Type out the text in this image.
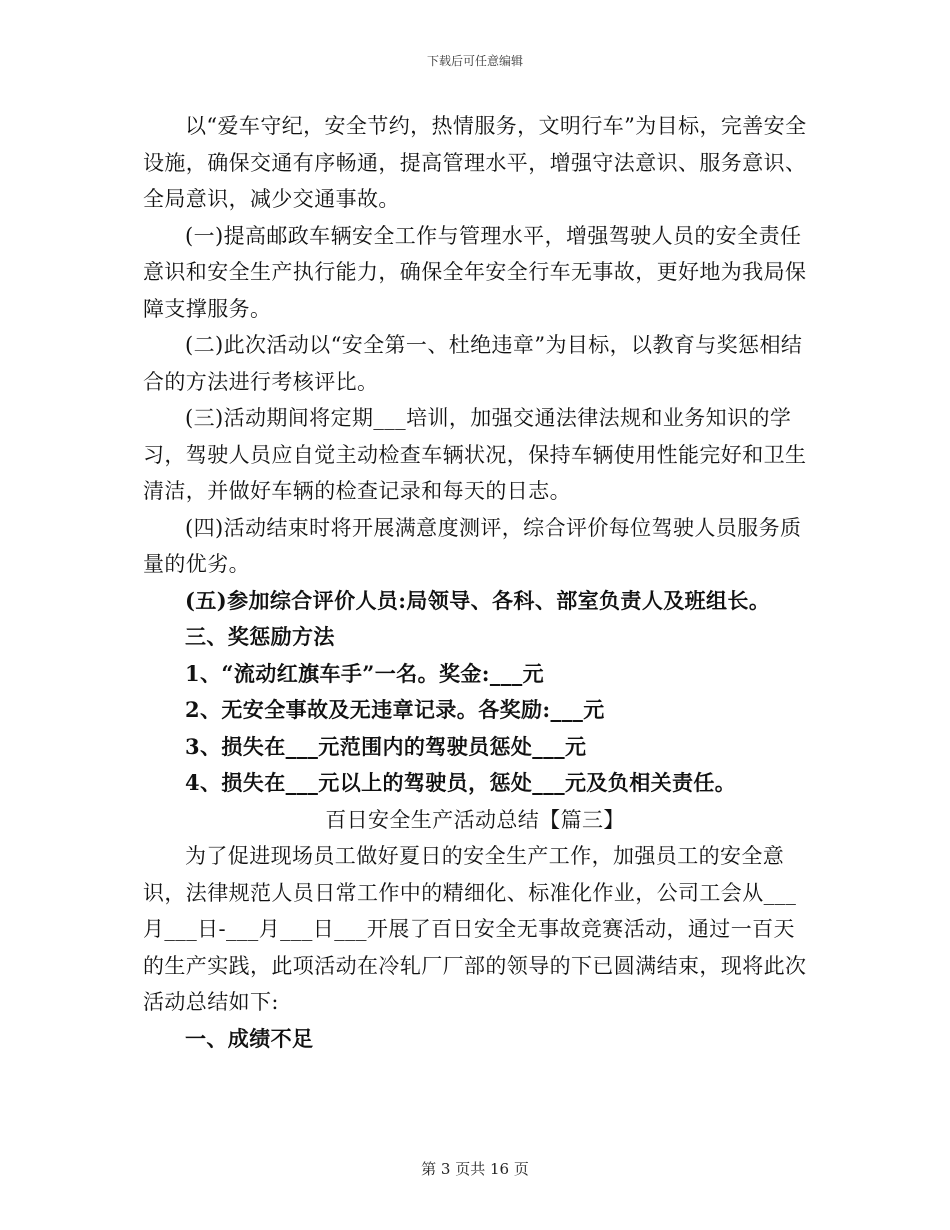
下载后可任意编辑

以“爱车守纪，安全节约，热情服务，文明行车”为目标，完善安全设施，确保交通有序畅通，提高管理水平，增强守法意识、服务意识、全局意识，减少交通事故。

(一)提高邮政车辆安全工作与管理水平，增强驾驶人员的安全责任意识和安全生产执行能力，确保全年安全行车无事故，更好地为我局保障支撑服务。

(二)此次活动以“安全第一、杜绝违章”为目标，以教育与奖惩相结合的方法进行考核评比。

(三)活动期间将定期___培训，加强交通法律法规和业务知识的学习，驾驶人员应自觉主动检查车辆状况，保持车辆使用性能完好和卫生清洁，并做好车辆的检查记录和每天的日志。

(四)活动结束时将开展满意度测评，综合评价每位驾驶人员服务质量的优劣。

(五)参加综合评价人员:局领导、各科、部室负责人及班组长。

三、奖惩励方法

1、“流动红旗车手”一名。奖金:___元

2、无安全事故及无违章记录。各奖励:___元

3、损失在___元范围内的驾驶员惩处___元

4、损失在___元以上的驾驶员，惩处___元及负相关责任。

百日安全生产活动总结【篇三】

为了促进现场员工做好夏日的安全生产工作，加强员工的安全意识，法律规范人员日常工作中的精细化、标准化作业，公司工会从___月___日-___月___日___开展了百日安全无事故竞赛活动，通过一百天的生产实践，此项活动在冷轧厂厂部的领导的下已圆满结束，现将此次活动总结如下:

一、成绩不足

第 3 页共 16 页
